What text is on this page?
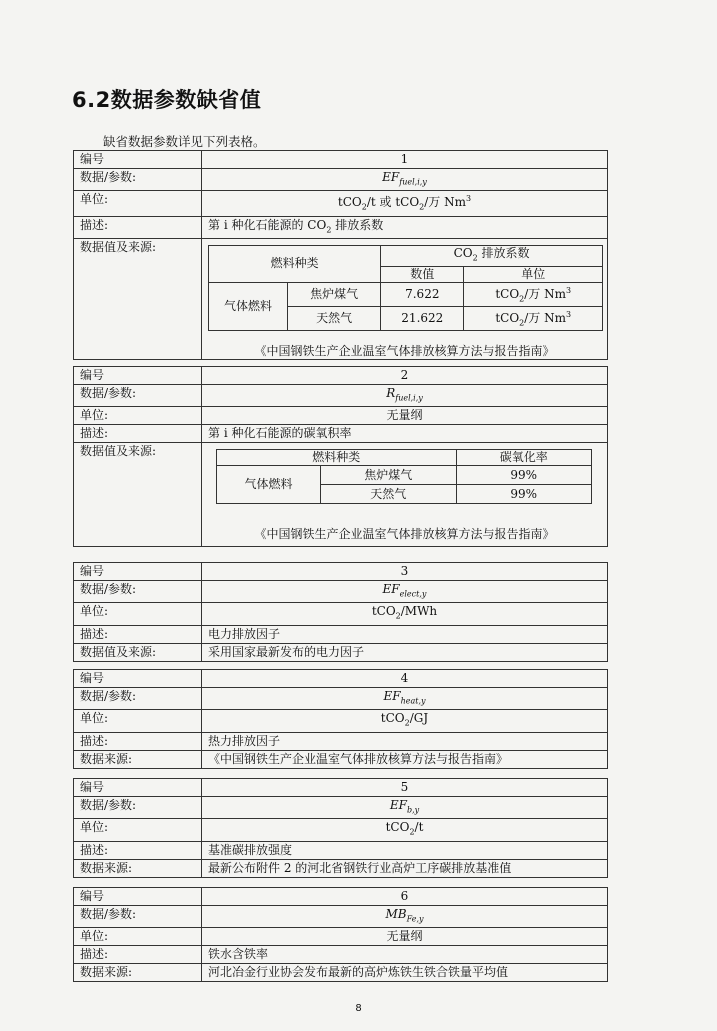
6.2数据参数缺省值
缺省数据参数详见下列表格。
编号	1
数据/参数:	$EF_{fuel,i,y}$
单位:	tCO$_2$/t 或 tCO$_2$/万 Nm$^3$
描述:	第 i 种化石能源的 $CO_2$ 排放系数
数据值及来源:	
燃料种类	$CO_2$ 排放系数
数值	单位
气体燃料	焦炉煤气	7.622	tCO$_2$/万 Nm$^3$
天然气	21.622	tCO$_2$/万 Nm$^3$
《中国钢铁生产企业温室气体排放核算方法与报告指南》
编号	2
数据/参数:	$R_{fuel,i,y}$
单位:	无量纲
描述:	第 i 种化石能源的碳氧积率
数据值及来源:		燃料种类	碳氧化率
气体燃料	焦炉煤气	99%
天然气	99%
《中国钢铁生产企业温室气体排放核算方法与报告指南》
编号	3
数据/参数:	$EF_{elect,y}$
单位:	tCO$_2$/MWh
描述:	电力排放因子
数据值及来源:	采用国家最新发布的电力因子
编号	4
数据/参数:	$EF_{heat,y}$
单位:	tCO$_2$/GJ
描述:	热力排放因子
数据来源:	《中国钢铁生产企业温室气体排放核算方法与报告指南》
编号	5
数据/参数:	$EF_{b,y}$
单位:	tCO$_2$/t
描述:	基准碳排放强度
数据来源:	最新公布附件 2 的河北省钢铁行业高炉工序碳排放基准值
编号	6
数据/参数:	$MB_{Fe,y}$
单位:	无量纲
描述:	铁水含铁率
数据来源:	河北冶金行业协会发布最新的高炉炼铁生铁合铁量平均值
8
